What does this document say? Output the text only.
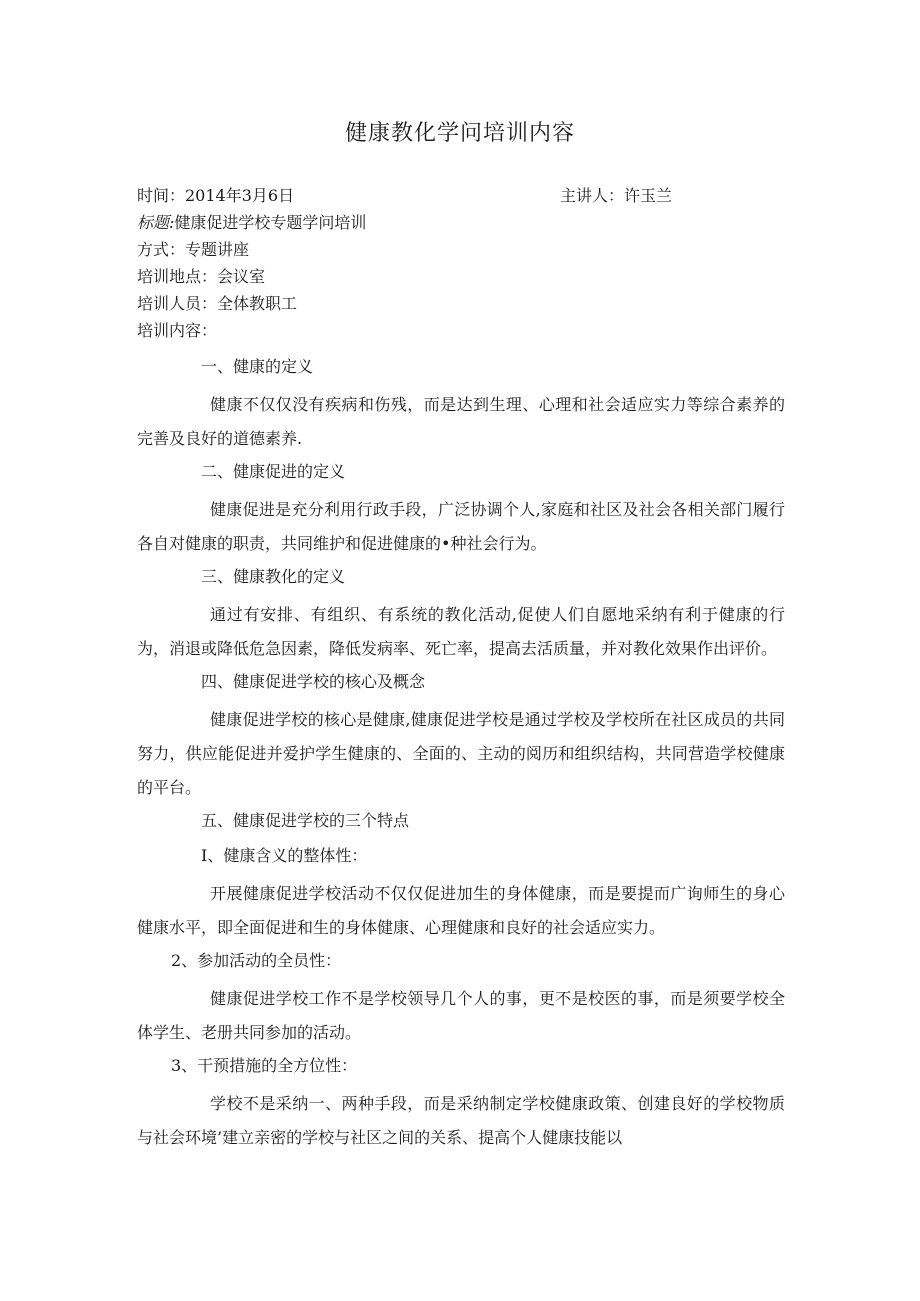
健康教化学问培训内容
时间：2014年3月6日	主讲人：许玉兰
标题:健康促进学校专题学问培训
方式：专题讲座
培训地点：会议室
培训人员：全体教职工
培训内容：
一、健康的定义
健康不仅仅没有疾病和伤残，而是达到生理、心理和社会适应实力等综合素养的完善及良好的道德素养.
二、健康促进的定义
健康促进是充分利用行政手段，广泛协调个人,家庭和社区及社会各相关部门履行各自对健康的职责，共同维护和促进健康的•种社会行为。
三、健康教化的定义
通过有安排、有组织、有系统的教化活动,促使人们自愿地采纳有利于健康的行为，消退或降低危急因素，降低发病率、死亡率，提高去活质量，并对教化效果作出评价。
四、健康促进学校的核心及概念
健康促进学校的核心是健康,健康促进学校是通过学校及学校所在社区成员的共同努力，供应能促进并爱护学生健康的、全面的、主动的阅历和组织结构，共同营造学校健康的平台。
五、健康促进学校的三个特点
I、健康含义的整体性：
开展健康促进学校活动不仅仅促进加生的身体健康，而是要提而广询师生的身心健康水平，即全面促进和生的身体健康、心理健康和良好的社会适应实力。
2、参加活动的全员性：
健康促进学校工作不是学校领导几个人的事，更不是校医的事，而是须要学校全体学生、老册共同参加的活动。
3、干预措施的全方位性：
学校不是采纳一、两种手段，而是采纳制定学校健康政策、创建良好的学校物质与社会环境’建立亲密的学校与社区之间的关系、提高个人健康技能以
